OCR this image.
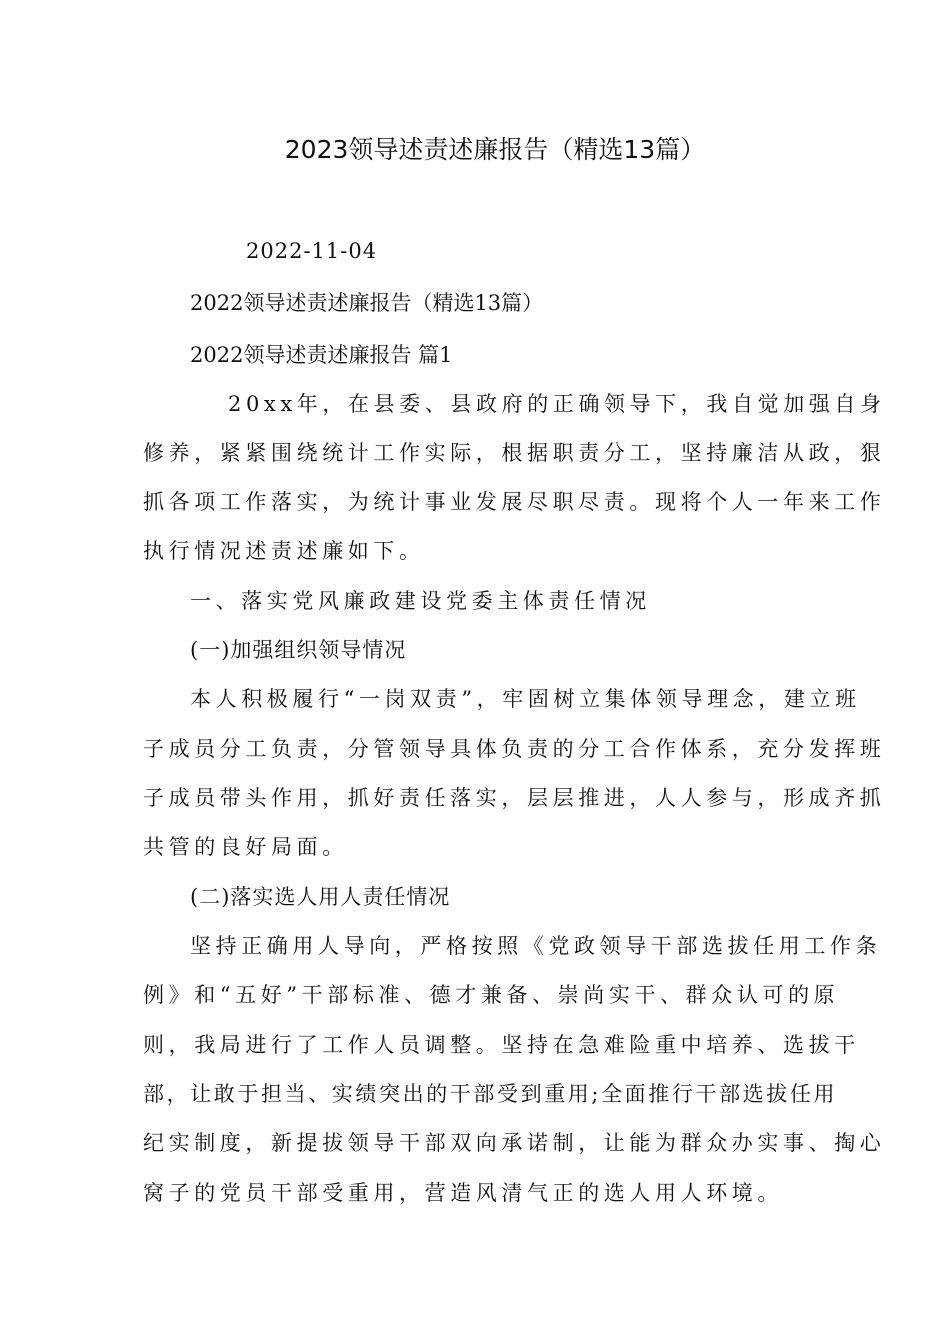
2023领导述责述廉报告（精选13篇）

2022-11-04

2022领导述责述廉报告（精选13篇）

2022领导述责述廉报告 篇1

20xx年，在县委、县政府的正确领导下，我自觉加强自身

修养，紧紧围绕统计工作实际，根据职责分工，坚持廉洁从政，狠

抓各项工作落实，为统计事业发展尽职尽责。现将个人一年来工作

执行情况述责述廉如下。

一、落实党风廉政建设党委主体责任情况

(一)加强组织领导情况

本人积极履行“一岗双责”，牢固树立集体领导理念，建立班

子成员分工负责，分管领导具体负责的分工合作体系，充分发挥班

子成员带头作用，抓好责任落实，层层推进，人人参与，形成齐抓

共管的良好局面。

(二)落实选人用人责任情况

坚持正确用人导向，严格按照《党政领导干部选拔任用工作条

例》和“五好”干部标准、德才兼备、崇尚实干、群众认可的原

则，我局进行了工作人员调整。坚持在急难险重中培养、选拔干

部，让敢于担当、实绩突出的干部受到重用;全面推行干部选拔任用

纪实制度，新提拔领导干部双向承诺制，让能为群众办实事、掏心

窝子的党员干部受重用，营造风清气正的选人用人环境。
